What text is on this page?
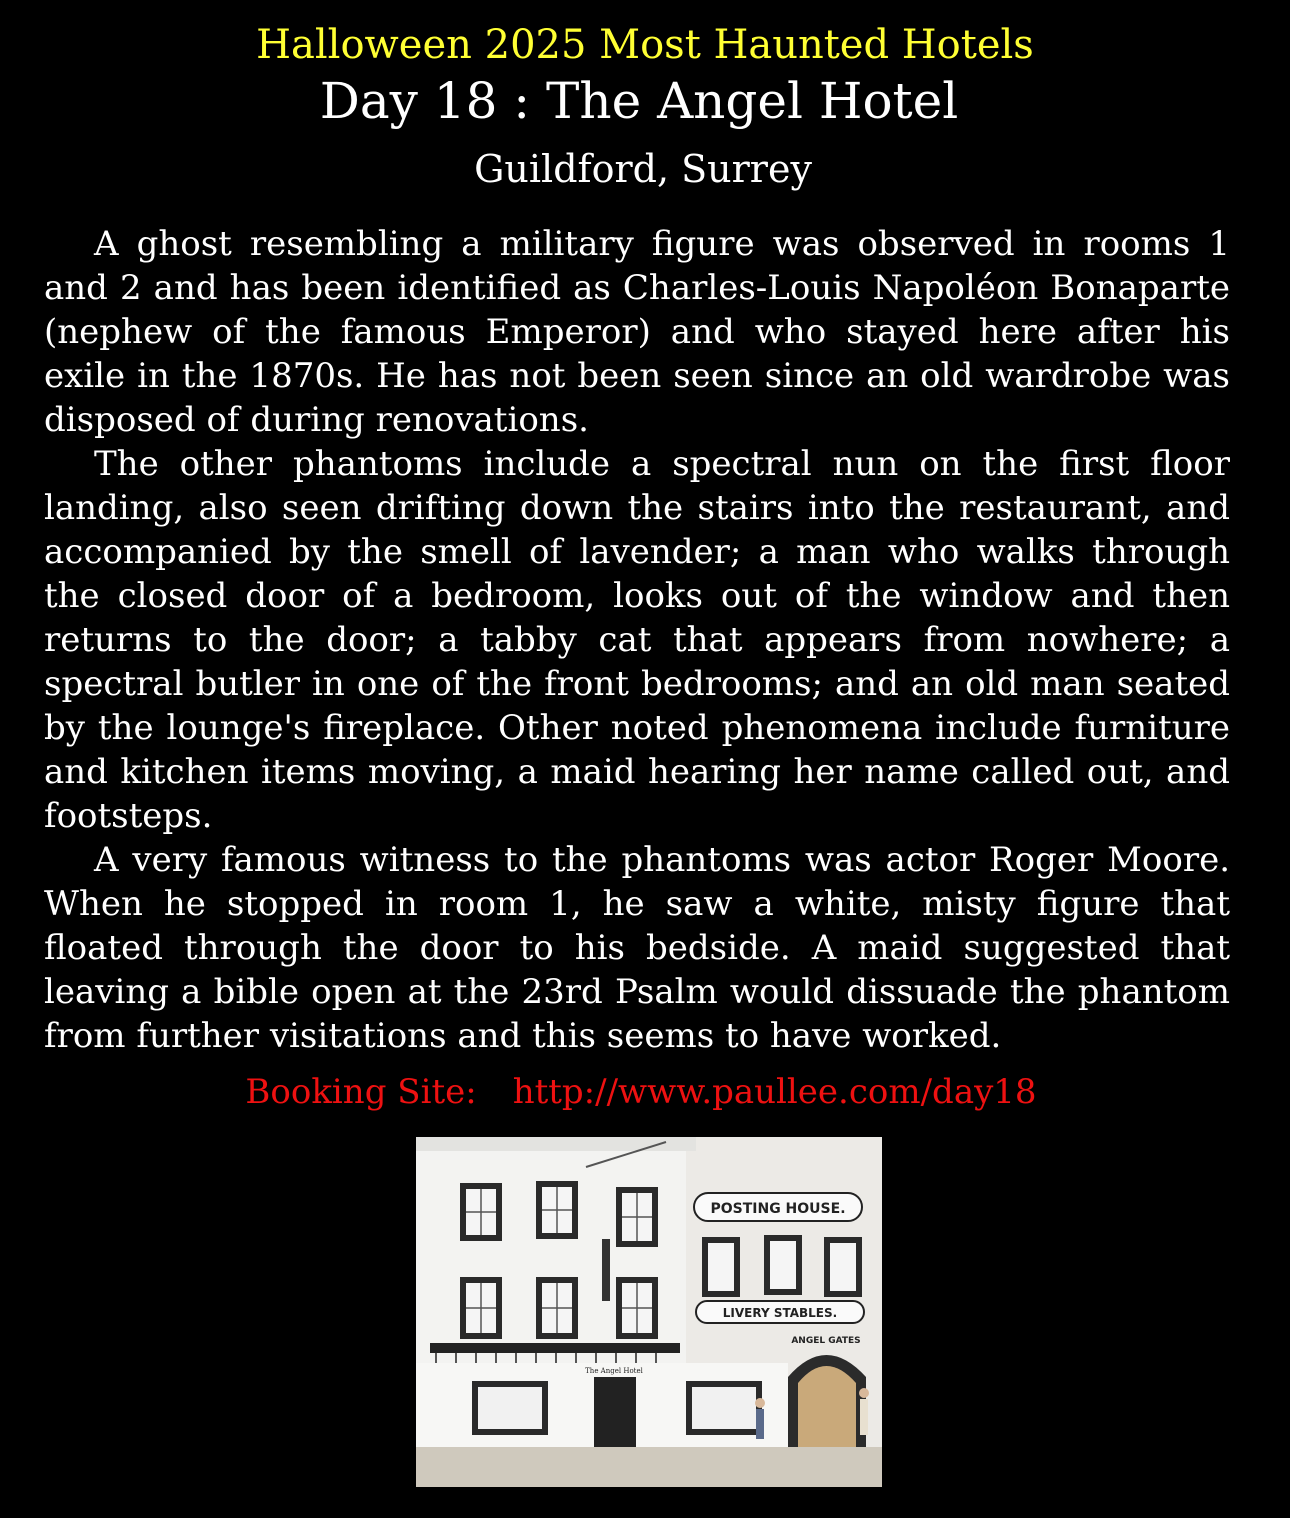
Halloween 2025 Most Haunted Hotels
Day 18 : The Angel Hotel
Guildford, Surrey

A ghost resembling a military figure was observed in rooms 1 and 2 and has been identified as Charles-Louis Napoléon Bonaparte (nephew of the famous Emperor) and who stayed here after his exile in the 1870s. He has not been seen since an old wardrobe was disposed of during renovations.

The other phantoms include a spectral nun on the first floor landing, also seen drifting down the stairs into the restaurant, and accompanied by the smell of lavender; a man who walks through the closed door of a bedroom, looks out of the window and then returns to the door; a tabby cat that appears from nowhere; a spectral butler in one of the front bedrooms; and an old man seated by the lounge's fireplace. Other noted phenomena include furniture and kitchen items moving, a maid hearing her name called out, and footsteps.

A very famous witness to the phantoms was actor Roger Moore. When he stopped in room 1, he saw a white, misty figure that floated through the door to his bedside. A maid suggested that leaving a bible open at the 23rd Psalm would dissuade the phantom from further visitations and this seems to have worked.

Booking Site: http://www.paullee.com/day18
POSTING HOUSE.
LIVERY STABLES.
ANGEL GATES
The Angel Hotel
